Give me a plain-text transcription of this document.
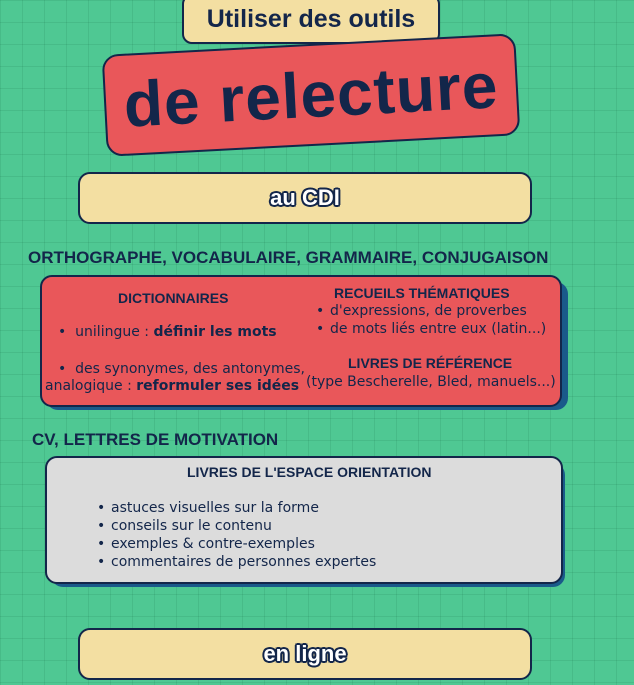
Utiliser des outils
de relecture
au CDI
ORTHOGRAPHE, VOCABULAIRE, GRAMMAIRE, CONJUGAISON
DICTIONNAIRES
•  unilingue : définir les mots
•  des synonymes, des antonymes,
analogique : reformuler ses idées
RECUEILS THÉMATIQUES
• d'expressions, de proverbes
• de mots liés entre eux (latin...)
LIVRES DE RÉFÉRENCE
(type Bescherelle, Bled, manuels...)
CV, LETTRES DE MOTIVATION
LIVRES DE L'ESPACE ORIENTATION
• astuces visuelles sur la forme
• conseils sur le contenu
• exemples & contre-exemples
• commentaires de personnes expertes
en ligne
